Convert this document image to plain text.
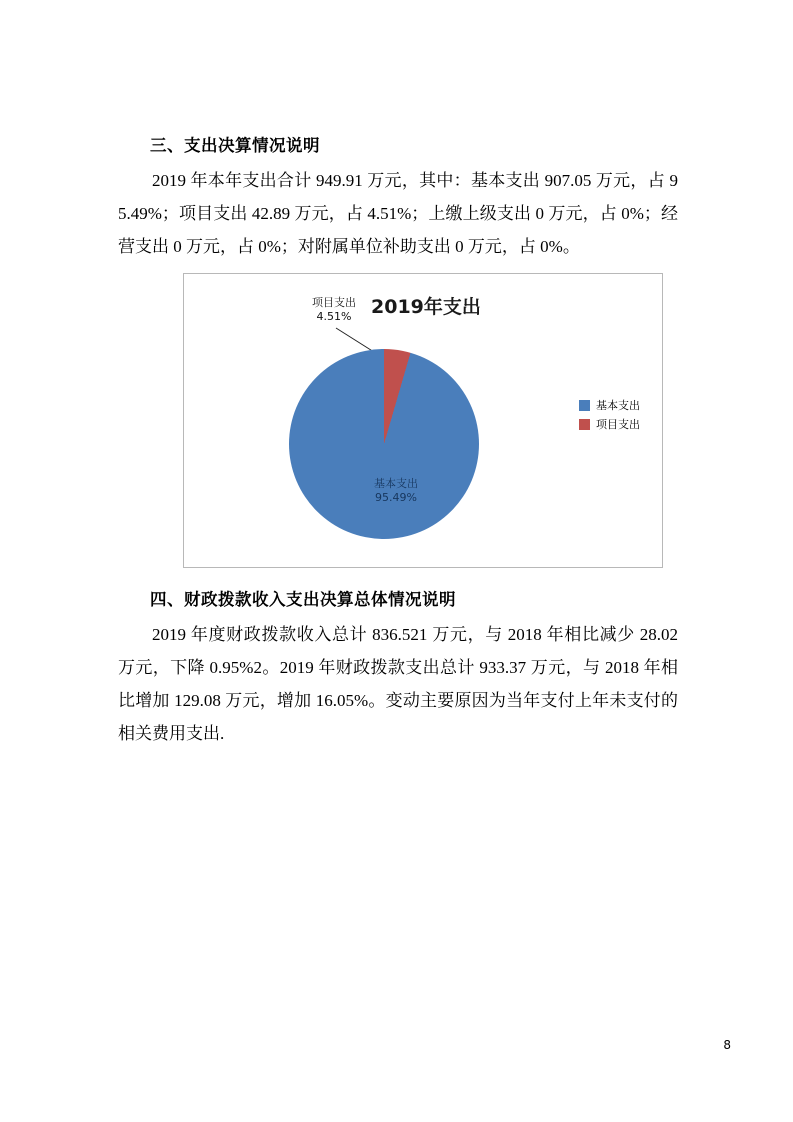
三、支出决算情况说明

2019 年本年支出合计 949.91 万元，其中：基本支出 907.05 万元，占 95.49%；项目支出 42.89 万元，占 4.51%；上缴上级支出 0 万元，占 0%；经营支出 0 万元，占 0%；对附属单位补助支出 0 万元，占 0%。

2019年支出
项目支出
4.51%
基本支出
95.49%
基本支出
项目支出
四、财政拨款收入支出决算总体情况说明

2019 年度财政拨款收入总计 836.521 万元，与 2018 年相比减少 28.02 万元，下降 0.95%2。2019 年财政拨款支出总计 933.37 万元，与 2018 年相比增加 129.08 万元，增加 16.05%。变动主要原因为当年支付上年未支付的相关费用支出.

8
